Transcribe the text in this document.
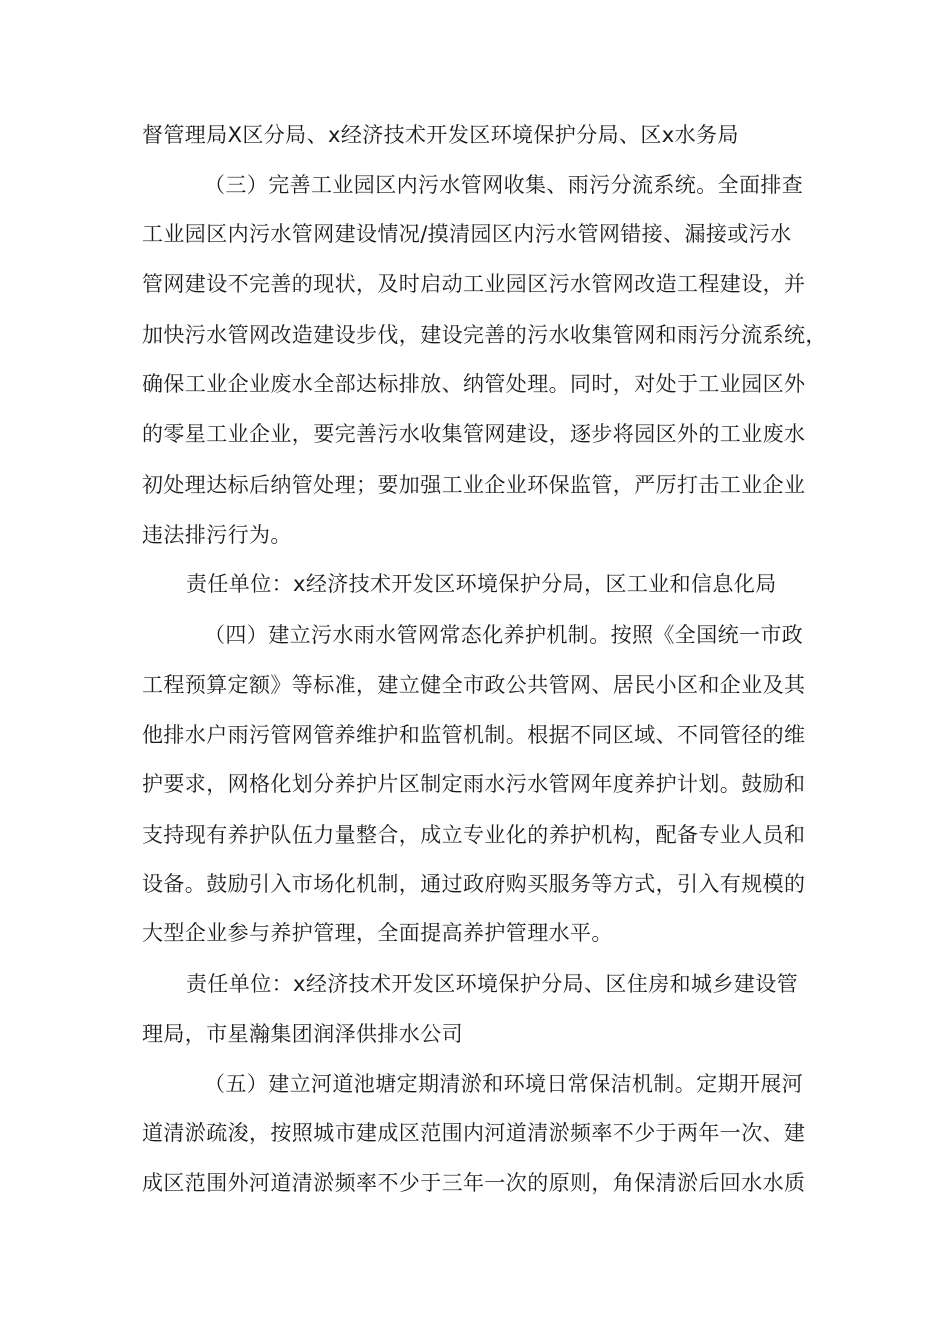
督管理局Ⅹ区分局、ⅹ经济技术开发区环境保护分局、区ⅹ水务局
（三）完善工业园区内污水管网收集、雨污分流系统。全面排查
工业园区内污水管网建设情况/摸清园区内污水管网错接、漏接或污水
管网建设不完善的现状，及时启动工业园区污水管网改造工程建设，并
加快污水管网改造建设步伐，建设完善的污水收集管网和雨污分流系统，
确保工业企业废水全部达标排放、纳管处理。同时，对处于工业园区外
的零星工业企业，要完善污水收集管网建设，逐步将园区外的工业废水
初处理达标后纳管处理；要加强工业企业环保监管，严厉打击工业企业
违法排污行为。
责任单位：ⅹ经济技术开发区环境保护分局，区工业和信息化局
（四）建立污水雨水管网常态化养护机制。按照《全国统一市政
工程预算定额》等标准，建立健全市政公共管网、居民小区和企业及其
他排水户雨污管网管养维护和监管机制。根据不同区域、不同管径的维
护要求，网格化划分养护片区制定雨水污水管网年度养护计划。鼓励和
支持现有养护队伍力量整合，成立专业化的养护机构，配备专业人员和
设备。鼓励引入市场化机制，通过政府购买服务等方式，引入有规模的
大型企业参与养护管理，全面提高养护管理水平。
责任单位：ⅹ经济技术开发区环境保护分局、区住房和城乡建设管
理局，市星瀚集团润泽供排水公司
（五）建立河道池塘定期清淤和环境日常保洁机制。定期开展河
道清淤疏浚，按照城市建成区范围内河道清淤频率不少于两年一次、建
成区范围外河道清淤频率不少于三年一次的原则，角保清淤后回水水质
